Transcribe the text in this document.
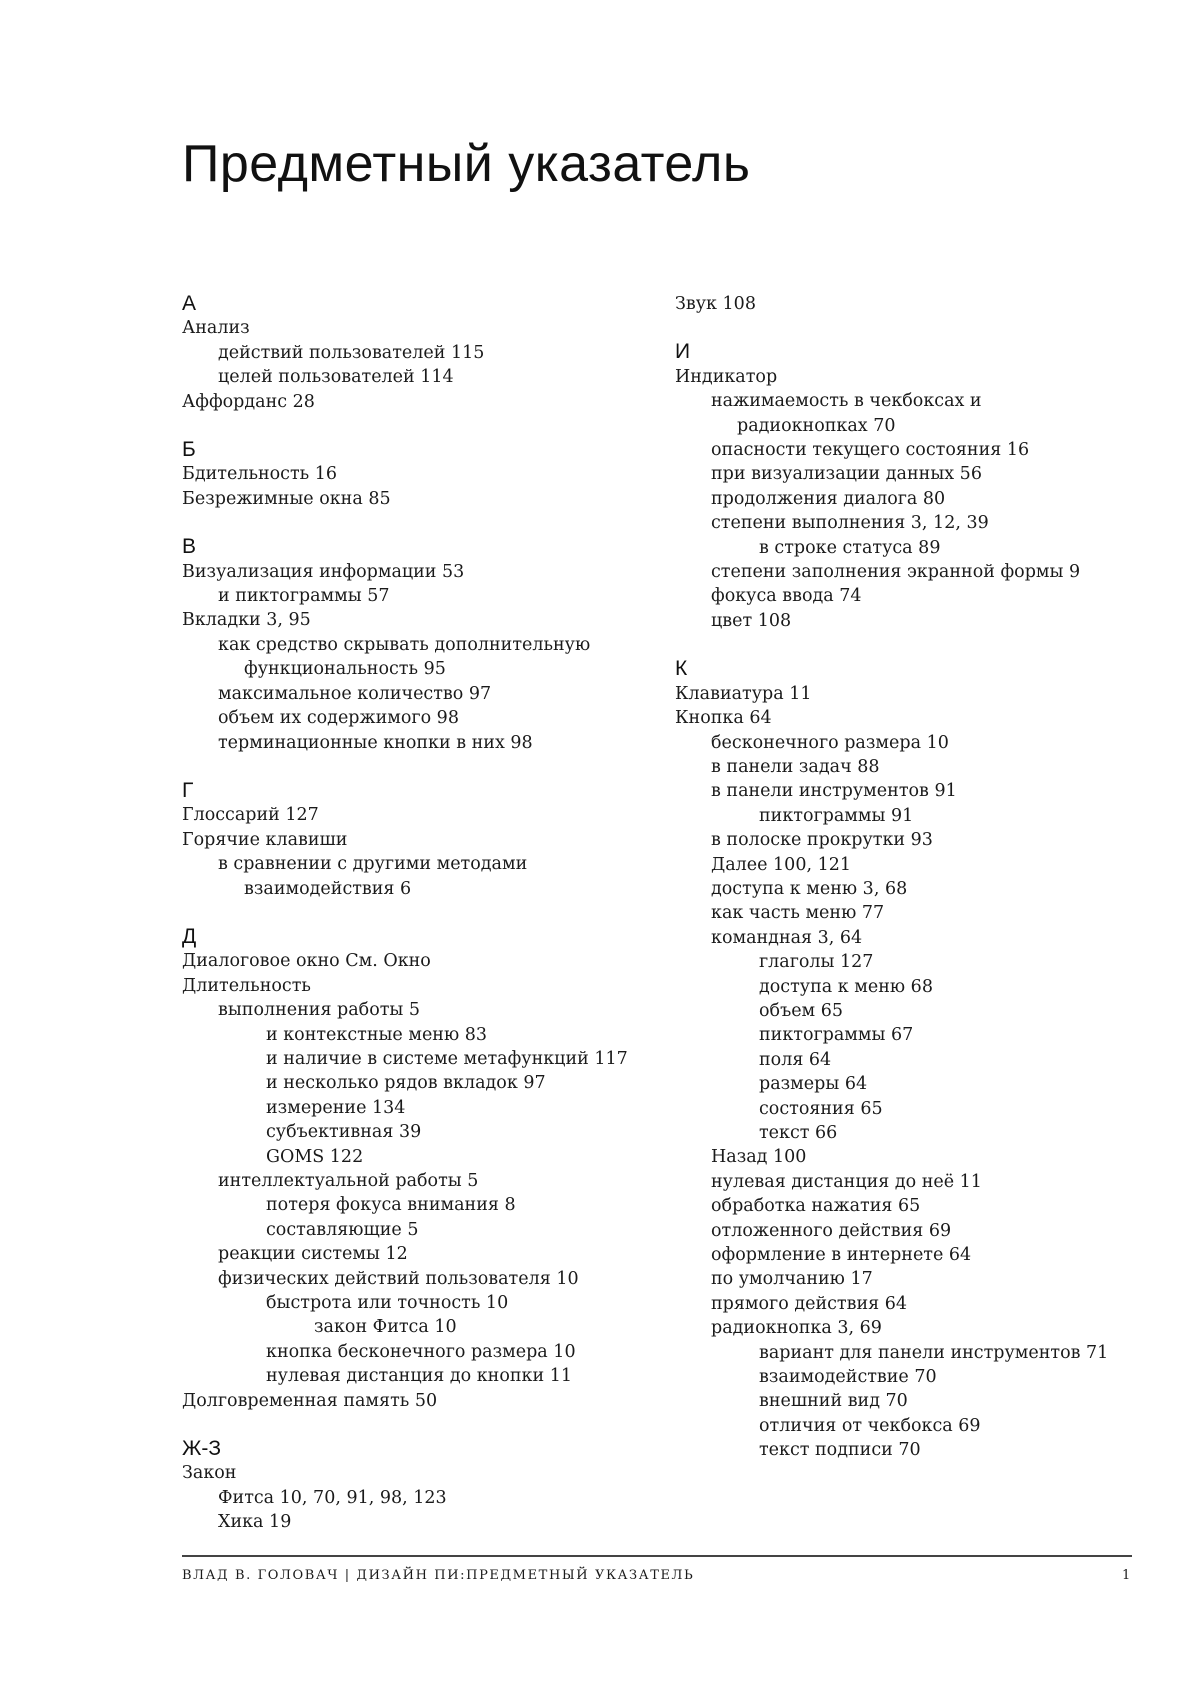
Предметный указатель
А
Анализ
действий пользователей 115
целей пользователей 114
Аффорданс 28
Б
Бдительность 16
Безрежимные окна 85
В
Визуализация информации 53
и пиктограммы 57
Вкладки 3, 95
как средство скрывать дополнительную
функциональность 95
максимальное количество 97
объем их содержимого 98
терминационные кнопки в них 98
Г
Глоссарий 127
Горячие клавиши
в сравнении с другими методами
взаимодействия 6
Д
Диалоговое окно См. Окно
Длительность
выполнения работы 5
и контекстные меню 83
и наличие в системе метафункций 117
и несколько рядов вкладок 97
измерение 134
субъективная 39
GOMS 122
интеллектуальной работы 5
потеря фокуса внимания 8
составляющие 5
реакции системы 12
физических действий пользователя 10
быстрота или точность 10
закон Фитса 10
кнопка бесконечного размера 10
нулевая дистанция до кнопки 11
Долговременная память 50
Ж-З
Закон
Фитса 10, 70, 91, 98, 123
Хика 19
Звук 108
И
Индикатор
нажимаемость в чекбоксах и
радиокнопках 70
опасности текущего состояния 16
при визуализации данных 56
продолжения диалога 80
степени выполнения 3, 12, 39
в строке статуса 89
степени заполнения экранной формы 9
фокуса ввода 74
цвет 108
К
Клавиатура 11
Кнопка 64
бесконечного размера 10
в панели задач 88
в панели инструментов 91
пиктограммы 91
в полоске прокрутки 93
Далее 100, 121
доступа к меню 3, 68
как часть меню 77
командная 3, 64
глаголы 127
доступа к меню 68
объем 65
пиктограммы 67
поля 64
размеры 64
состояния 65
текст 66
Назад 100
нулевая дистанция до неё 11
обработка нажатия 65
отложенного действия 69
оформление в интернете 64
по умолчанию 17
прямого действия 64
радиокнопка 3, 69
вариант для панели инструментов 71
взаимодействие 70
внешний вид 70
отличия от чекбокса 69
текст подписи 70
ВЛАД В. ГОЛОВАЧ | ДИЗАЙН ПИ:ПРЕДМЕТНЫЙ УКАЗАТЕЛЬ	1
